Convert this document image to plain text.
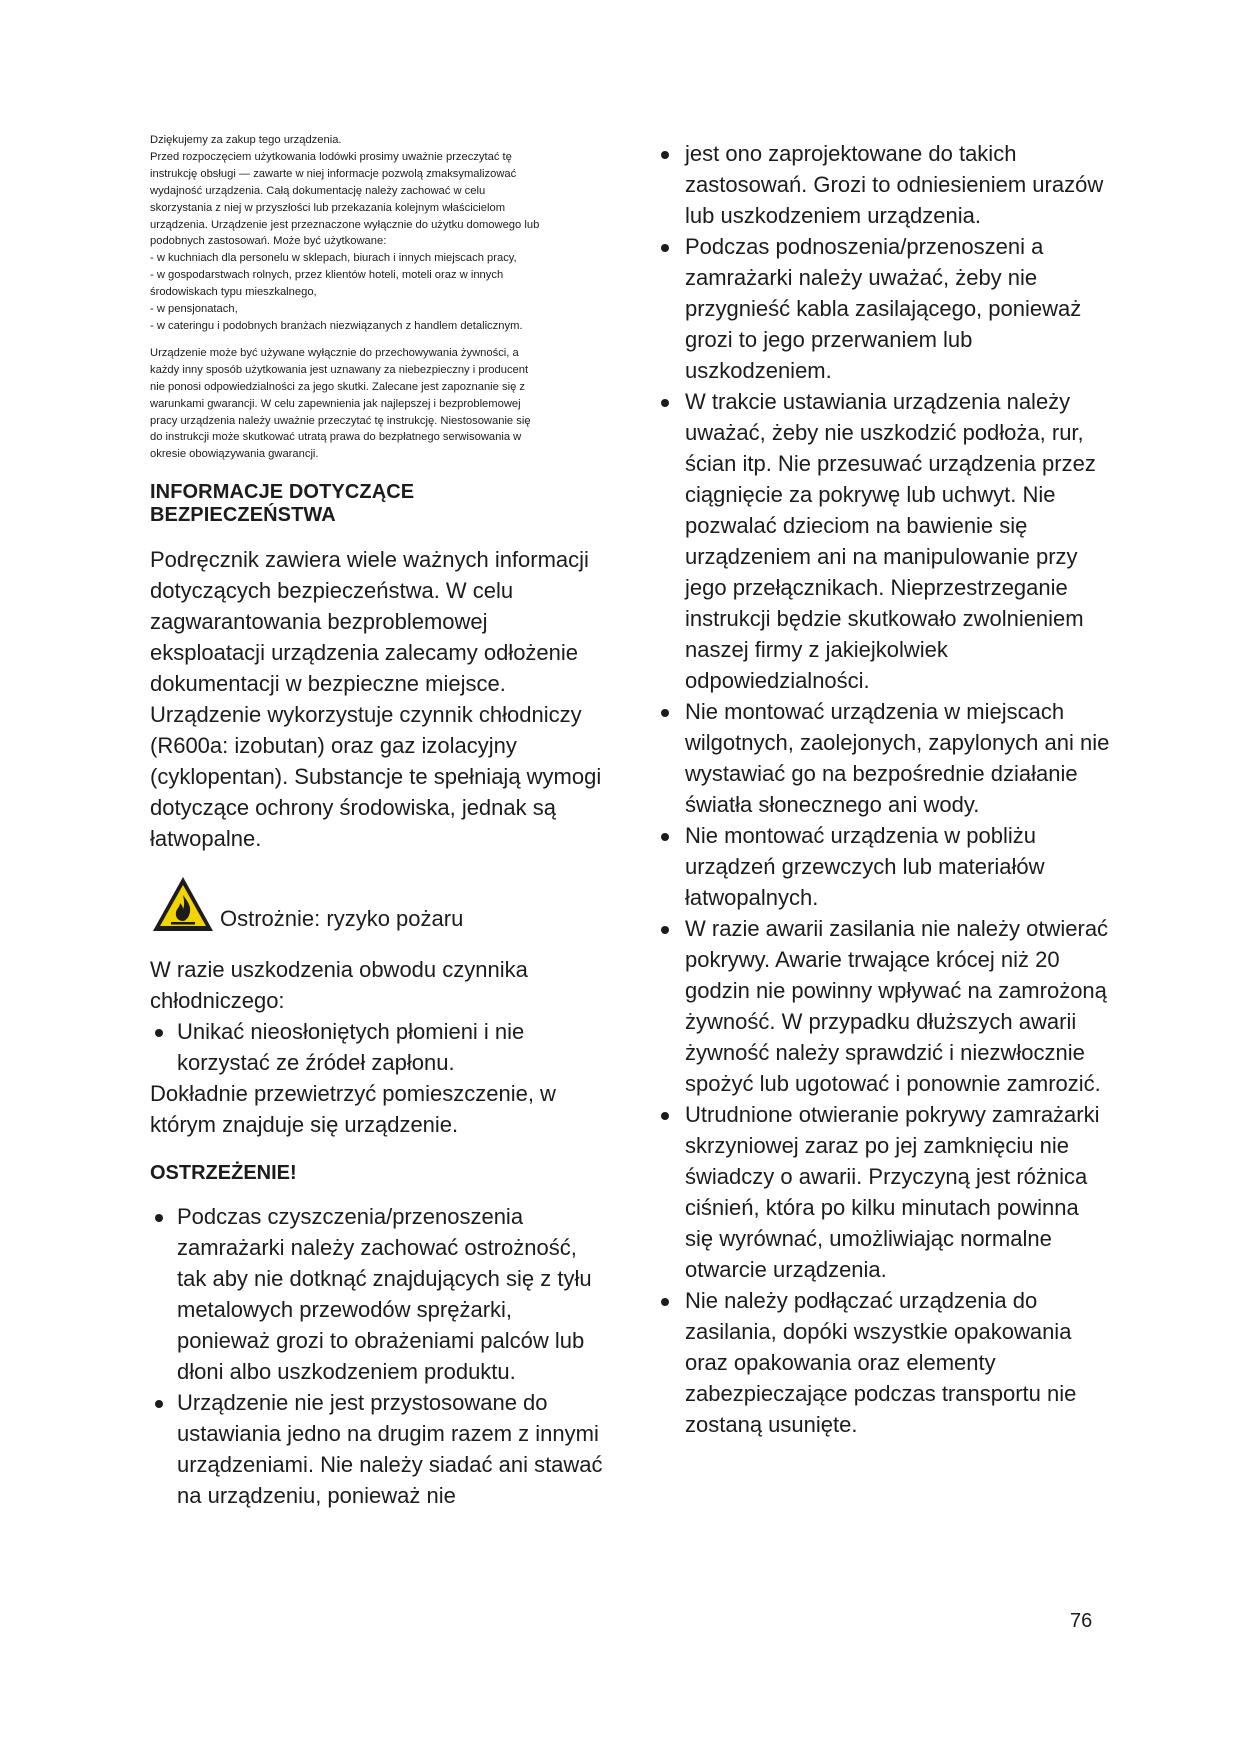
Dziękujemy za zakup tego urządzenia.

Przed rozpoczęciem użytkowania lodówki prosimy uważnie przeczytać tę

instrukcję obsługi — zawarte w niej informacje pozwolą zmaksymalizować

wydajność urządzenia. Całą dokumentację należy zachować w celu

skorzystania z niej w przyszłości lub przekazania kolejnym właścicielom

urządzenia. Urządzenie jest przeznaczone wyłącznie do użytku domowego lub

podobnych zastosowań. Może być użytkowane:

- w kuchniach dla personelu w sklepach, biurach i innych miejscach pracy,

- w gospodarstwach rolnych, przez klientów hoteli, moteli oraz w innych

środowiskach typu mieszkalnego,

- w pensjonatach,

- w cateringu i podobnych branżach niezwiązanych z handlem detalicznym.

Urządzenie może być używane wyłącznie do przechowywania żywności, a

każdy inny sposób użytkowania jest uznawany za niebezpieczny i producent

nie ponosi odpowiedzialności za jego skutki. Zalecane jest zapoznanie się z

warunkami gwarancji. W celu zapewnienia jak najlepszej i bezproblemowej

pracy urządzenia należy uważnie przeczytać tę instrukcję. Niestosowanie się

do instrukcji może skutkować utratą prawa do bezpłatnego serwisowania w

okresie obowiązywania gwarancji.

INFORMACJE DOTYCZĄCE BEZPIECZEŃSTWA

Podręcznik zawiera wiele ważnych informacji dotyczących bezpieczeństwa. W celu zagwarantowania bezproblemowej eksploatacji urządzenia zalecamy odłożenie dokumentacji w bezpieczne miejsce.

Urządzenie wykorzystuje czynnik chłodniczy (R600a: izobutan) oraz gaz izolacyjny (cyklopentan). Substancje te spełniają wymogi dotyczące ochrony środowiska, jednak są łatwopalne.

Ostrożnie: ryzyko pożaru

W razie uszkodzenia obwodu czynnika chłodniczego:

Unikać nieosłoniętych płomieni i nie korzystać ze źródeł zapłonu.

Dokładnie przewietrzyć pomieszczenie, w którym znajduje się urządzenie.

OSTRZEŻENIE!
Podczas czyszczenia/przenoszenia zamrażarki należy zachować ostrożność, tak aby nie dotknąć znajdujących się z tyłu metalowych przewodów sprężarki, ponieważ grozi to obrażeniami palców lub dłoni albo uszkodzeniem produktu.
Urządzenie nie jest przystosowane do ustawiania jedno na drugim razem z innymi urządzeniami. Nie należy siadać ani stawać na urządzeniu, ponieważ nie
jest ono zaprojektowane do takich zastosowań. Grozi to odniesieniem urazów lub uszkodzeniem urządzenia.
Podczas podnoszenia/przenoszeni a zamrażarki należy uważać, żeby nie przygnieść kabla zasilającego, ponieważ grozi to jego przerwaniem lub uszkodzeniem.
W trakcie ustawiania urządzenia należy uważać, żeby nie uszkodzić podłoża, rur, ścian itp. Nie przesuwać urządzenia przez ciągnięcie za pokrywę lub uchwyt. Nie pozwalać dzieciom na bawienie się urządzeniem ani na manipulowanie przy jego przełącznikach. Nieprzestrzeganie instrukcji będzie skutkowało zwolnieniem naszej firmy z jakiejkolwiek odpowiedzialności.
Nie montować urządzenia w miejscach wilgotnych, zaolejonych, zapylonych ani nie wystawiać go na bezpośrednie działanie światła słonecznego ani wody.
Nie montować urządzenia w pobliżu urządzeń grzewczych lub materiałów łatwopalnych.
W razie awarii zasilania nie należy otwierać pokrywy. Awarie trwające krócej niż 20 godzin nie powinny wpływać na zamrożoną żywność. W przypadku dłuższych awarii żywność należy sprawdzić i niezwłocznie spożyć lub ugotować i ponownie zamrozić.
Utrudnione otwieranie pokrywy zamrażarki skrzyniowej zaraz po jej zamknięciu nie świadczy o awarii. Przyczyną jest różnica ciśnień, która po kilku minutach powinna się wyrównać, umożliwiając normalne otwarcie urządzenia.
Nie należy podłączać urządzenia do zasilania, dopóki wszystkie opakowania oraz opakowania oraz elementy zabezpieczające podczas transportu nie zostaną usunięte.
76
